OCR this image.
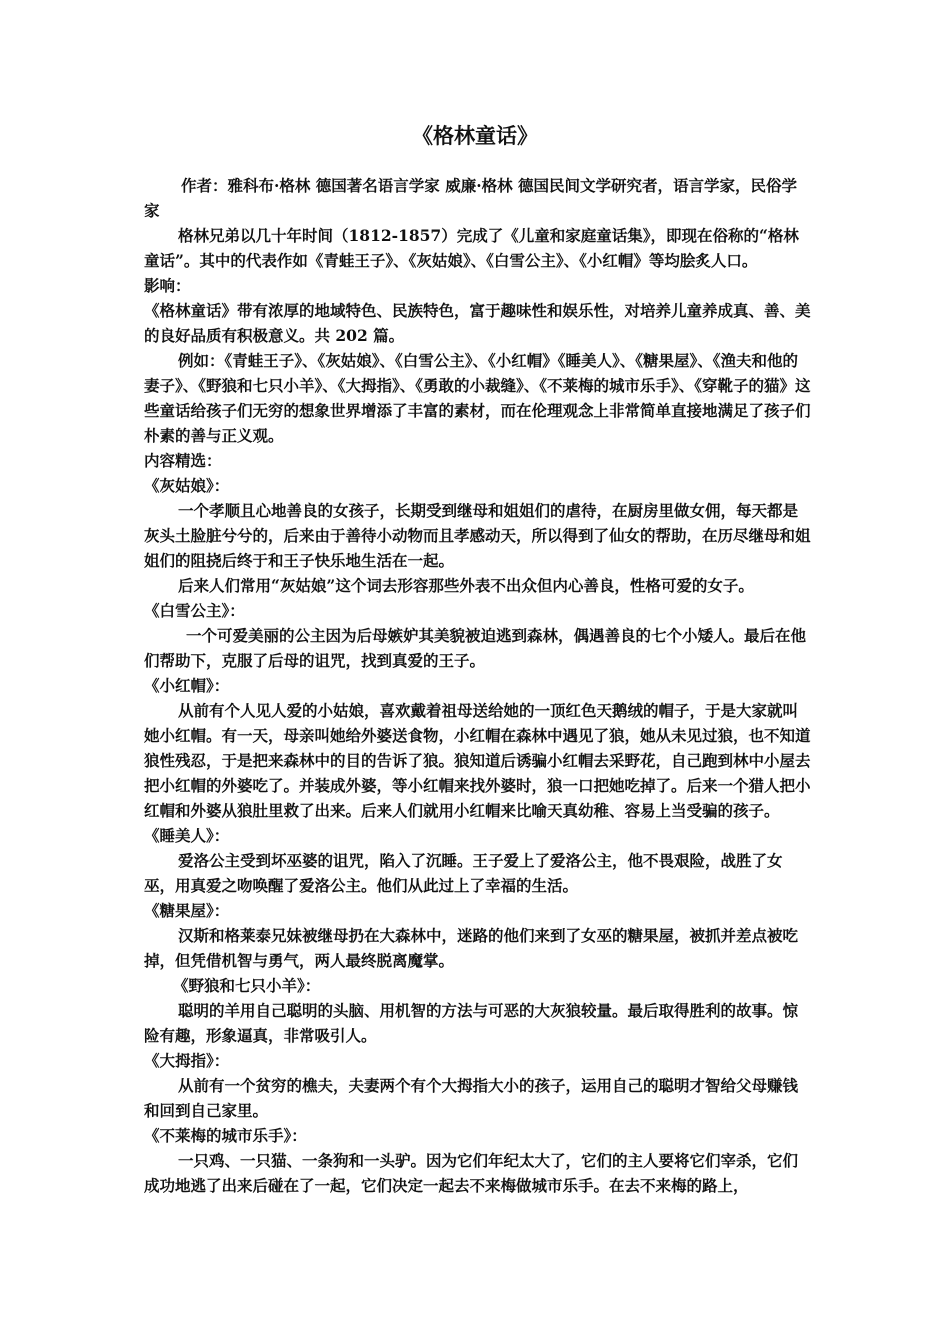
《格林童话》

作者：雅科布·格林 德国著名语言学家 威廉·格林 德国民间文学研究者，语言学家，民俗学家

格林兄弟以几十年时间（1812-1857）完成了《儿童和家庭童话集》，即现在俗称的“格林童话”。其中的代表作如《青蛙王子》、《灰姑娘》、《白雪公主》、《小红帽》等均脍炙人口。

影响：

《格林童话》带有浓厚的地域特色、民族特色，富于趣味性和娱乐性，对培养儿童养成真、善、美的良好品质有积极意义。共 202 篇。

例如：《青蛙王子》、《灰姑娘》、《白雪公主》、《小红帽》《睡美人》、《糖果屋》、《渔夫和他的妻子》、《野狼和七只小羊》、《大拇指》、《勇敢的小裁缝》、《不莱梅的城市乐手》、《穿靴子的猫》这些童话给孩子们无穷的想象世界增添了丰富的素材，而在伦理观念上非常简单直接地满足了孩子们朴素的善与正义观。

内容精选：

《灰姑娘》：

一个孝顺且心地善良的女孩子，长期受到继母和姐姐们的虐待，在厨房里做女佣，每天都是灰头土脸脏兮兮的，后来由于善待小动物而且孝感动天，所以得到了仙女的帮助，在历尽继母和姐姐们的阻挠后终于和王子快乐地生活在一起。

后来人们常用“灰姑娘”这个词去形容那些外表不出众但内心善良，性格可爱的女子。

《白雪公主》：

一个可爱美丽的公主因为后母嫉妒其美貌被迫逃到森林，偶遇善良的七个小矮人。最后在他们帮助下，克服了后母的诅咒，找到真爱的王子。

《小红帽》：

从前有个人见人爱的小姑娘，喜欢戴着祖母送给她的一顶红色天鹅绒的帽子，于是大家就叫她小红帽。有一天，母亲叫她给外婆送食物，小红帽在森林中遇见了狼，她从未见过狼，也不知道狼性残忍，于是把来森林中的目的告诉了狼。狼知道后诱骗小红帽去采野花，自己跑到林中小屋去把小红帽的外婆吃了。并装成外婆，等小红帽来找外婆时，狼一口把她吃掉了。后来一个猎人把小红帽和外婆从狼肚里救了出来。后来人们就用小红帽来比喻天真幼稚、容易上当受骗的孩子。

《睡美人》：

爱洛公主受到坏巫婆的诅咒，陷入了沉睡。王子爱上了爱洛公主，他不畏艰险，战胜了女巫，用真爱之吻唤醒了爱洛公主。他们从此过上了幸福的生活。

《糖果屋》：

汉斯和格莱泰兄妹被继母扔在大森林中，迷路的他们来到了女巫的糖果屋，被抓并差点被吃掉，但凭借机智与勇气，两人最终脱离魔掌。

《野狼和七只小羊》：

聪明的羊用自己聪明的头脑、用机智的方法与可恶的大灰狼较量。最后取得胜利的故事。惊险有趣，形象逼真，非常吸引人。

《大拇指》：

从前有一个贫穷的樵夫，夫妻两个有个大拇指大小的孩子，运用自己的聪明才智给父母赚钱和回到自己家里。

《不莱梅的城市乐手》：

一只鸡、一只猫、一条狗和一头驴。因为它们年纪太大了，它们的主人要将它们宰杀，它们成功地逃了出来后碰在了一起，它们决定一起去不来梅做城市乐手。在去不来梅的路上，
